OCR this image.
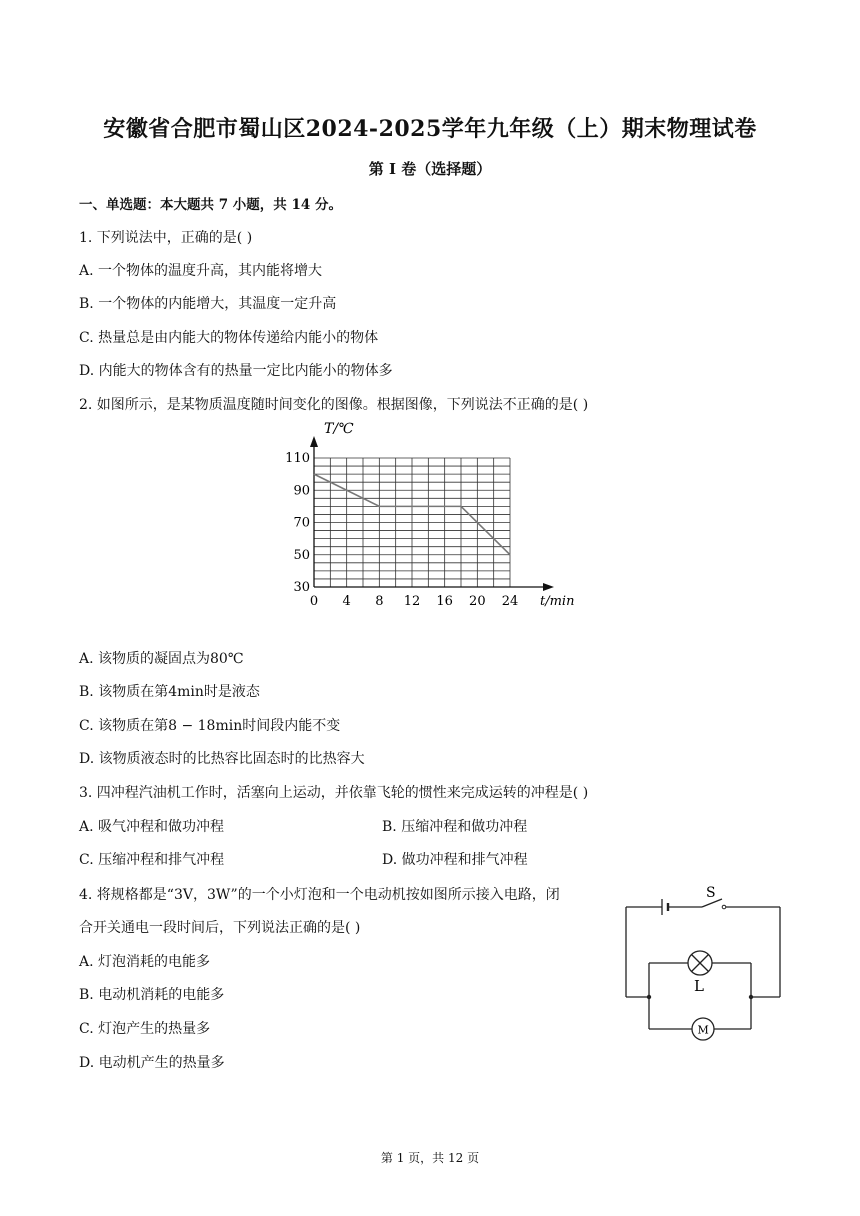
安徽省合肥市蜀山区2024-2025学年九年级（上）期末物理试卷
第 I 卷（选择题）
一、单选题：本大题共 7 小题，共 14 分。
1. 下列说法中，正确的是( )
A. 一个物体的温度升高，其内能将增大
B. 一个物体的内能增大，其温度一定升高
C. 热量总是由内能大的物体传递给内能小的物体
D. 内能大的物体含有的热量一定比内能小的物体多
2. 如图所示，是某物质温度随时间变化的图像。根据图像，下列说法不正确的是( )
0 4 8 12 16 20 24
30
50
70
90
110
T/℃
t/min
A. 该物质的凝固点为80℃
B. 该物质在第4min时是液态
C. 该物质在第8 − 18min时间段内能不变
D. 该物质液态时的比热容比固态时的比热容大
3. 四冲程汽油机工作时，活塞向上运动，并依靠飞轮的惯性来完成运转的冲程是( )
A. 吸气冲程和做功冲程	B. 压缩冲程和做功冲程
C. 压缩冲程和排气冲程	D. 做功冲程和排气冲程
4. 将规格都是“3V，3W”的一个小灯泡和一个电动机按如图所示接入电路，闭
合开关通电一段时间后，下列说法正确的是( )
A. 灯泡消耗的电能多
B. 电动机消耗的电能多
C. 灯泡产生的热量多
D. 电动机产生的热量多
S
L
M
第 1 页，共 12 页
